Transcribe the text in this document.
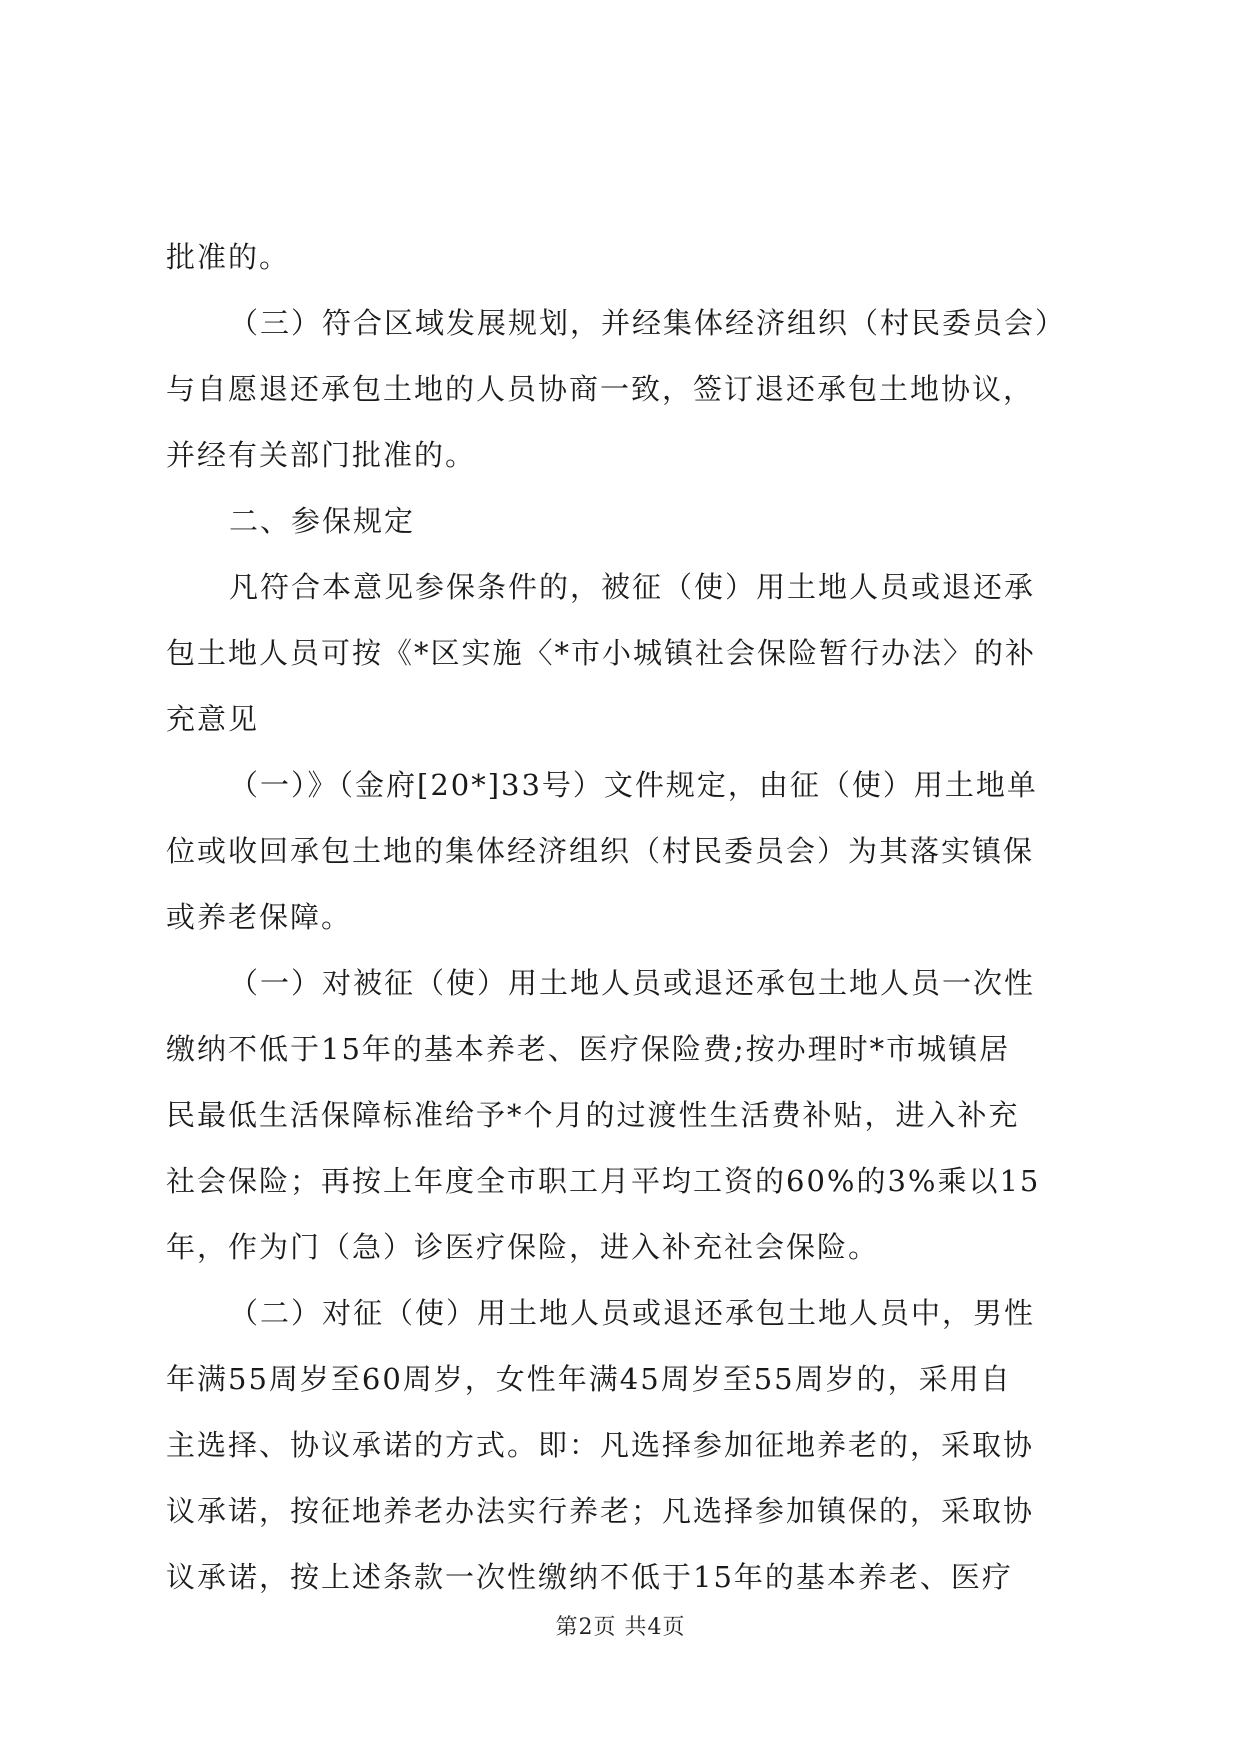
批准的。
（三）符合区域发展规划，并经集体经济组织（村民委员会）
与自愿退还承包土地的人员协商一致，签订退还承包土地协议，
并经有关部门批准的。
二、参保规定
凡符合本意见参保条件的，被征（使）用土地人员或退还承
包土地人员可按《*区实施〈*市小城镇社会保险暂行办法〉的补
充意见
（一）》（金府[20*]33号）文件规定，由征（使）用土地单
位或收回承包土地的集体经济组织（村民委员会）为其落实镇保
或养老保障。
（一）对被征（使）用土地人员或退还承包土地人员一次性
缴纳不低于15年的基本养老、医疗保险费;按办理时*市城镇居
民最低生活保障标准给予*个月的过渡性生活费补贴，进入补充
社会保险；再按上年度全市职工月平均工资的60%的3%乘以15
年，作为门（急）诊医疗保险，进入补充社会保险。
（二）对征（使）用土地人员或退还承包土地人员中，男性
年满55周岁至60周岁，女性年满45周岁至55周岁的，采用自
主选择、协议承诺的方式。即：凡选择参加征地养老的，采取协
议承诺，按征地养老办法实行养老；凡选择参加镇保的，采取协
议承诺，按上述条款一次性缴纳不低于15年的基本养老、医疗
第2页 共4页
